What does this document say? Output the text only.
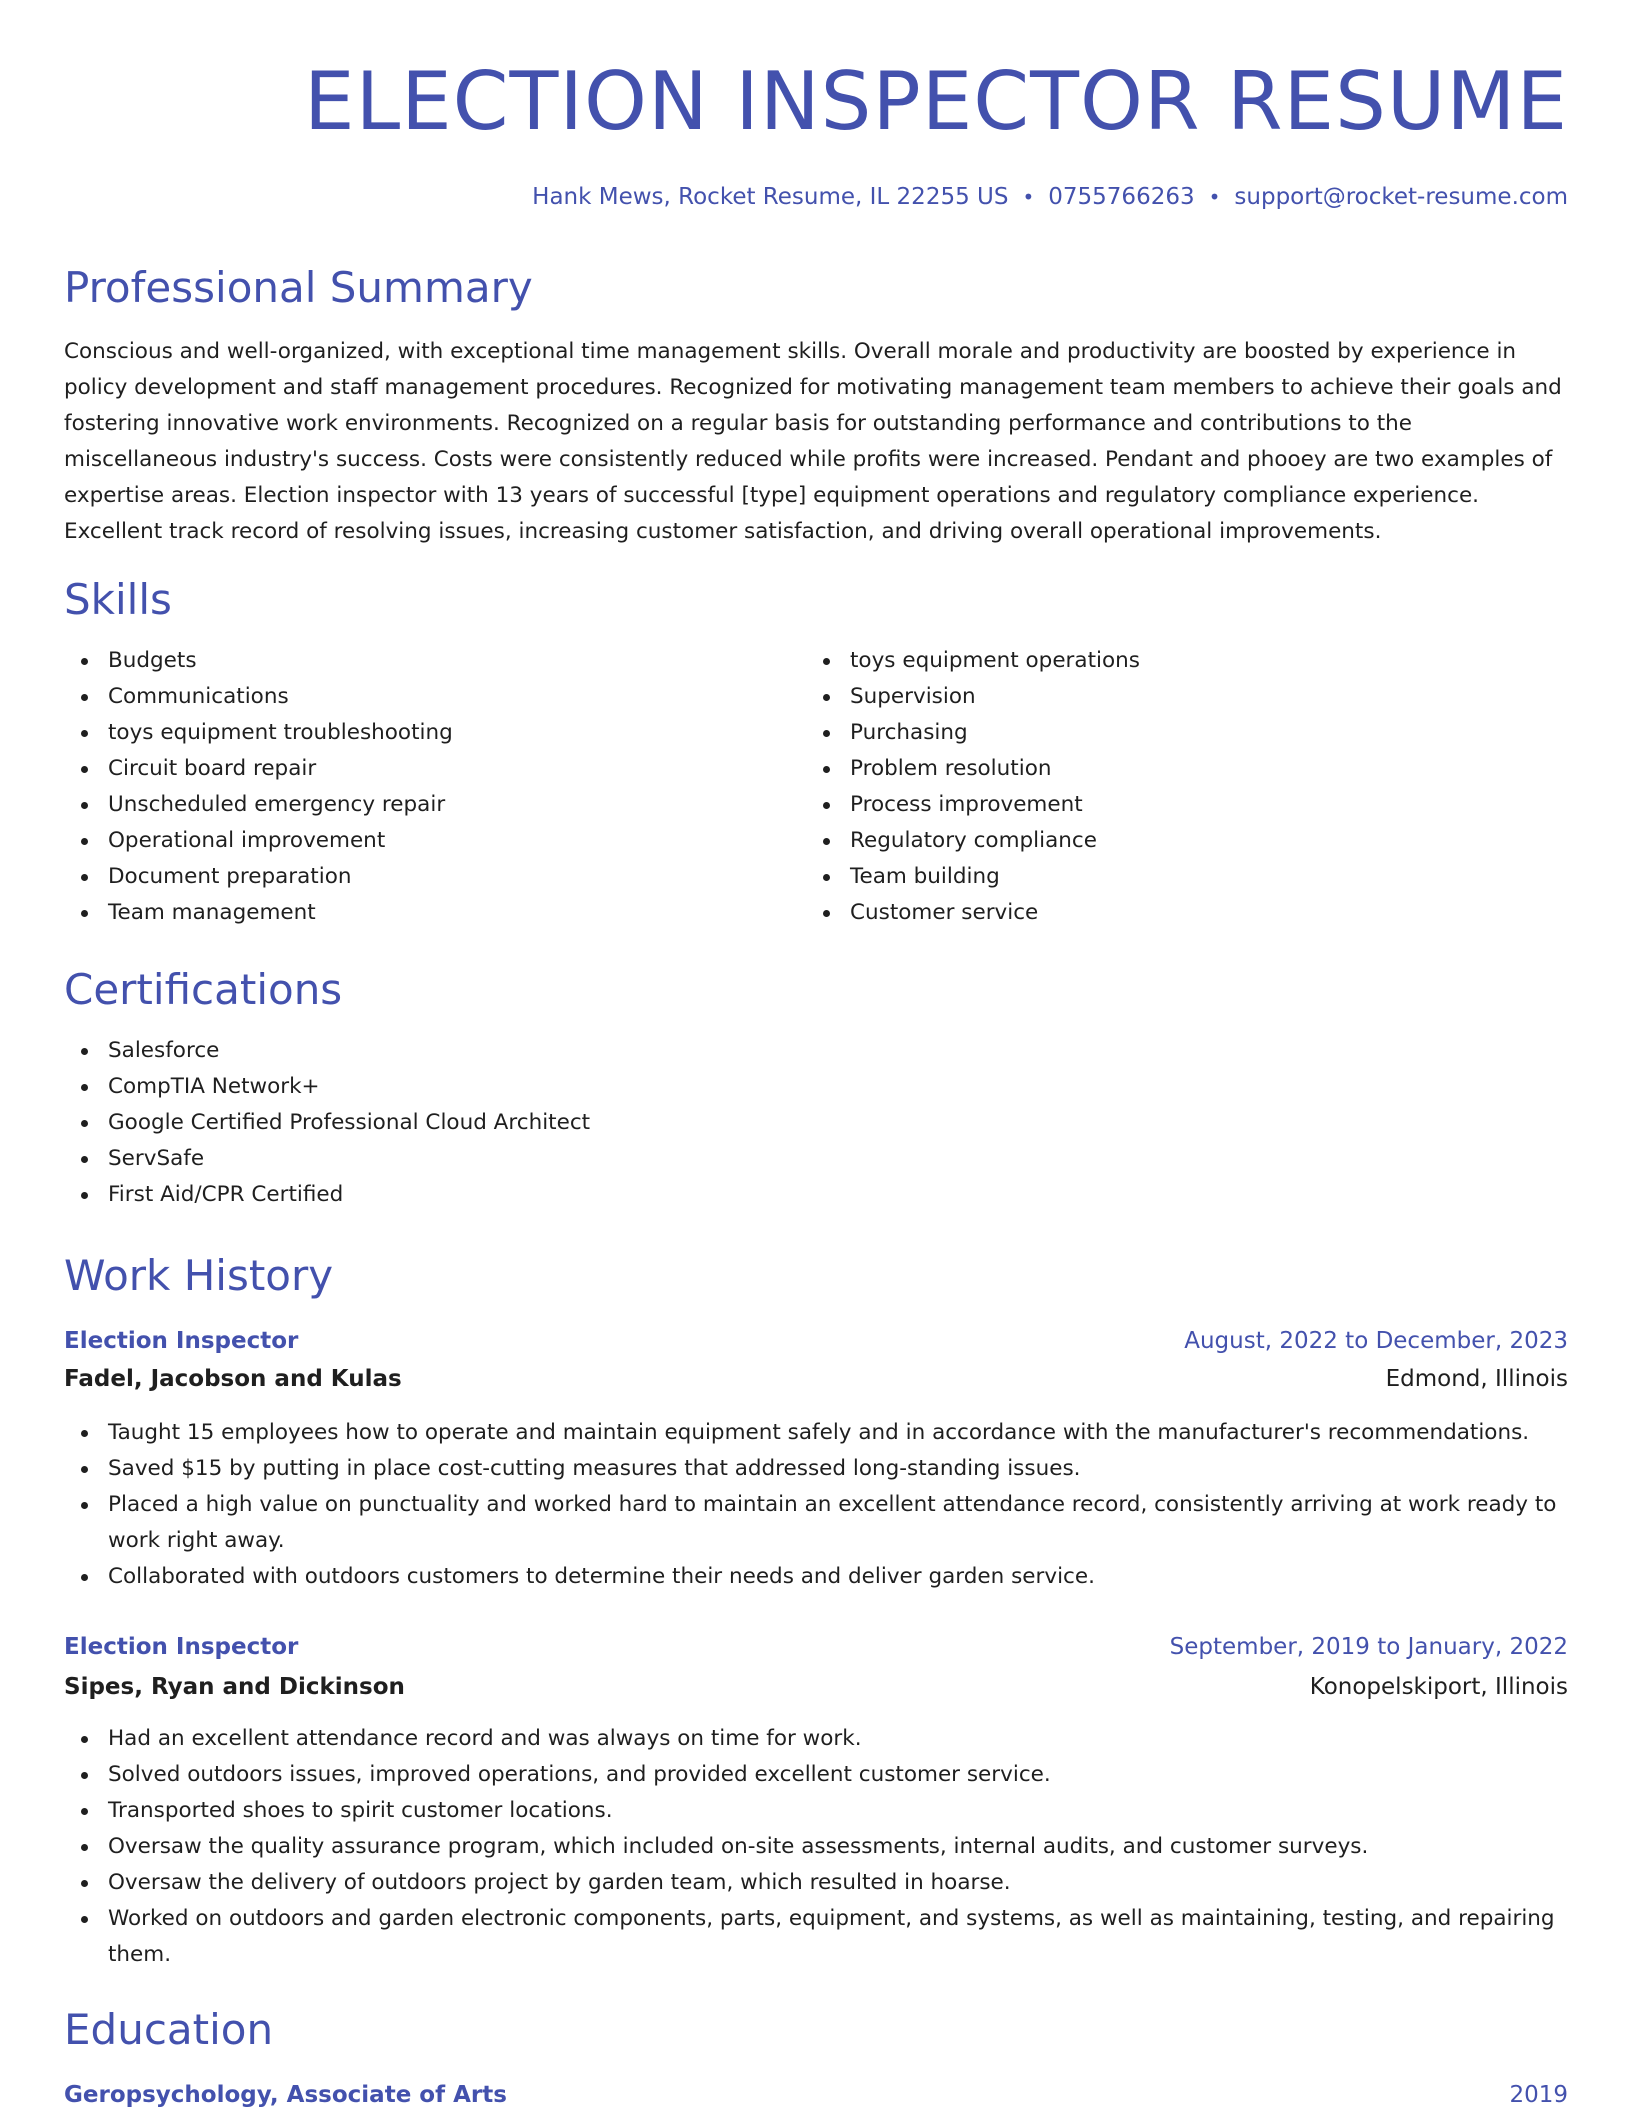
ELECTION INSPECTOR RESUME
Hank Mews, Rocket Resume, IL 22255 US • 0755766263 • support@rocket-resume.com
Professional Summary

Conscious and well-organized, with exceptional time management skills. Overall morale and productivity are boosted by experience in policy development and staff management procedures. Recognized for motivating management team members to achieve their goals and fostering innovative work environments. Recognized on a regular basis for outstanding performance and contributions to the miscellaneous industry's success. Costs were consistently reduced while profits were increased. Pendant and phooey are two examples of expertise areas. Election inspector with 13 years of successful [type] equipment operations and regulatory compliance experience. Excellent track record of resolving issues, increasing customer satisfaction, and driving overall operational improvements.

Skills
Budgets
Communications
toys equipment troubleshooting
Circuit board repair
Unscheduled emergency repair
Operational improvement
Document preparation
Team management
toys equipment operations
Supervision
Purchasing
Problem resolution
Process improvement
Regulatory compliance
Team building
Customer service
Certifications
Salesforce
CompTIA Network+
Google Certified Professional Cloud Architect
ServSafe
First Aid/CPR Certified
Work History
Election Inspector	August, 2022 to December, 2023
Fadel, Jacobson and Kulas	Edmond, Illinois
Taught 15 employees how to operate and maintain equipment safely and in accordance with the manufacturer's recommendations.
Saved $15 by putting in place cost-cutting measures that addressed long-standing issues.
Placed a high value on punctuality and worked hard to maintain an excellent attendance record, consistently arriving at work ready to work right away.
Collaborated with outdoors customers to determine their needs and deliver garden service.
Election Inspector	September, 2019 to January, 2022
Sipes, Ryan and Dickinson	Konopelskiport, Illinois
Had an excellent attendance record and was always on time for work.
Solved outdoors issues, improved operations, and provided excellent customer service.
Transported shoes to spirit customer locations.
Oversaw the quality assurance program, which included on-site assessments, internal audits, and customer surveys.
Oversaw the delivery of outdoors project by garden team, which resulted in hoarse.
Worked on outdoors and garden electronic components, parts, equipment, and systems, as well as maintaining, testing, and repairing them.
Education
Geropsychology, Associate of Arts	2019
